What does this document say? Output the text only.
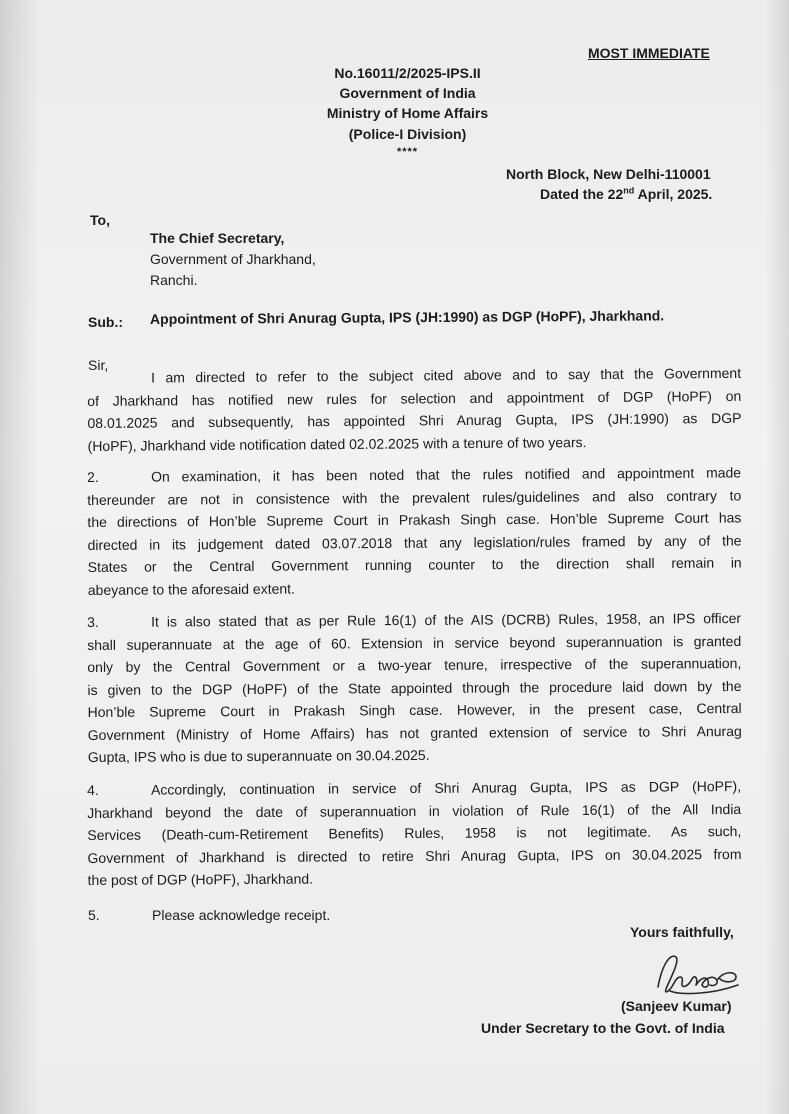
MOST IMMEDIATE
No.16011/2/2025-IPS.II
Government of India
Ministry of Home Affairs
(Police-I Division)
****
North Block, New Delhi-110001
Dated the 22nd April, 2025.
To,
The Chief Secretary,
Government of Jharkhand,
Ranchi.
Sub.: Appointment of Shri Anurag Gupta, IPS (JH:1990) as DGP (HoPF), Jharkhand.
Sir,	I am directed to refer to the subject cited above and to say that the Government
of Jharkhand has notified new rules for selection and appointment of DGP (HoPF) on
08.01.2025 and subsequently, has appointed Shri Anurag Gupta, IPS (JH:1990) as DGP
(HoPF), Jharkhand vide notification dated 02.02.2025 with a tenure of two years.
2.	On examination, it has been noted that the rules notified and appointment made
thereunder are not in consistence with the prevalent rules/guidelines and also contrary to
the directions of Hon’ble Supreme Court in Prakash Singh case. Hon’ble Supreme Court has
directed in its judgement dated 03.07.2018 that any legislation/rules framed by any of the
States or the Central Government running counter to the direction shall remain in
abeyance to the aforesaid extent.
3.	It is also stated that as per Rule 16(1) of the AIS (DCRB) Rules, 1958, an IPS officer
shall superannuate at the age of 60. Extension in service beyond superannuation is granted
only by the Central Government or a two-year tenure, irrespective of the superannuation,
is given to the DGP (HoPF) of the State appointed through the procedure laid down by the
Hon’ble Supreme Court in Prakash Singh case. However, in the present case, Central
Government (Ministry of Home Affairs) has not granted extension of service to Shri Anurag
Gupta, IPS who is due to superannuate on 30.04.2025.
4.	Accordingly, continuation in service of Shri Anurag Gupta, IPS as DGP (HoPF),
Jharkhand beyond the date of superannuation in violation of Rule 16(1) of the All India
Services (Death-cum-Retirement Benefits) Rules, 1958 is not legitimate. As such,
Government of Jharkhand is directed to retire Shri Anurag Gupta, IPS on 30.04.2025 from
the post of DGP (HoPF), Jharkhand.
5.	Please acknowledge receipt.
Yours faithfully,
(Sanjeev Kumar)
Under Secretary to the Govt. of India
